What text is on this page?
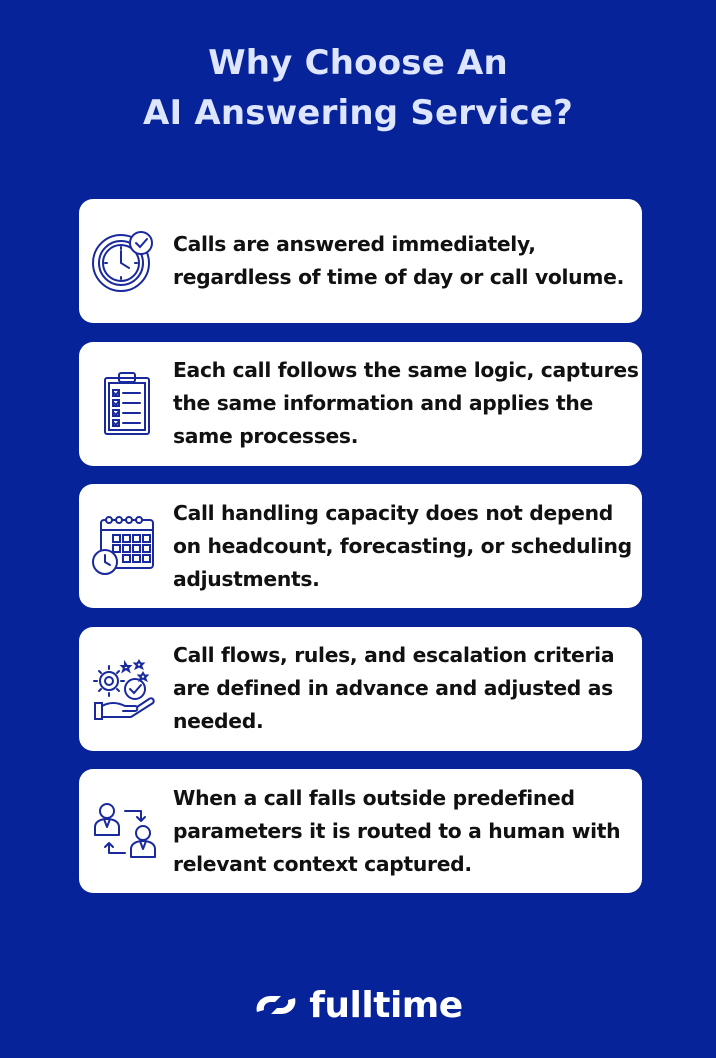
Why Choose An
AI Answering Service?
Calls are answered immediately, regardless of time of day or call volume.
Each call follows the same logic, captures the same information and applies the same processes.
Call handling capacity does not depend on headcount, forecasting, or scheduling adjustments.
Call flows, rules, and escalation criteria are defined in advance and adjusted as needed.
When a call falls outside predefined parameters it is routed to a human with relevant context captured.
fulltime
